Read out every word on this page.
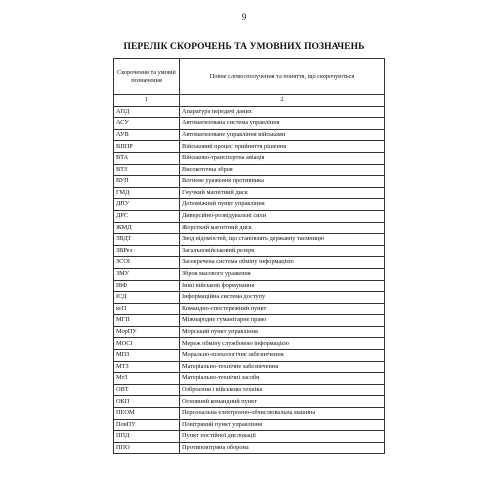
9
ПЕРЕЛІК СКОРОЧЕНЬ ТА УМОВНИХ ПОЗНАЧЕНЬ
Скорочення та умовні позначення	Повне словосполучення та поняття, що скорочуються
1	2
АПД	Апаратура передачі даних
АСУ	Автоматизована система управління
АУВ	Автоматизоване управління військами
ВППР	Військовий процес прийняття рішення
ВТА	Військово-транспортна авіація
ВТЗ	Високоточна зброя
ВУП	Вогневе ураження противника
ГМД	Гнучкий магнітний диск
ДПУ	Допоміжний пункт управління
ДРС	Диверсійно-розвідувальні сили
ЖМД	Жорсткий магнітний диск
ЗВДТ	Звод відомостей, що становлять державну таємницю
ЗВРез	Загальновійськовий резерв
ЗСОІ	Засекречена система обміну інформацією
ЗМУ	Зброя масового ураження
ІВФ	Інші військові формування
ІСД	Інформаційна система доступу
кєП	Командно-спостережний пункт
МГП	Міжнародне гуманітарне право
МорПУ	Морський пункт управління
МОСІ	Мереж обміну службовою інформацією
МПЗ	Морально-психологічне забезпечення
МТЗ	Матеріально-технічне забезпечення
МтЗ	Матеріально-технічні засоби
ОВТ	Озброєння і військова техніка
ОКП	Основний командний пункт
ПЕОМ	Персональна електронно-обчислювальна машина
ПовПУ	Повітряний пункт управління
ППД	Пункт постійної дислокації
ППО	Протиповітряна оборона
